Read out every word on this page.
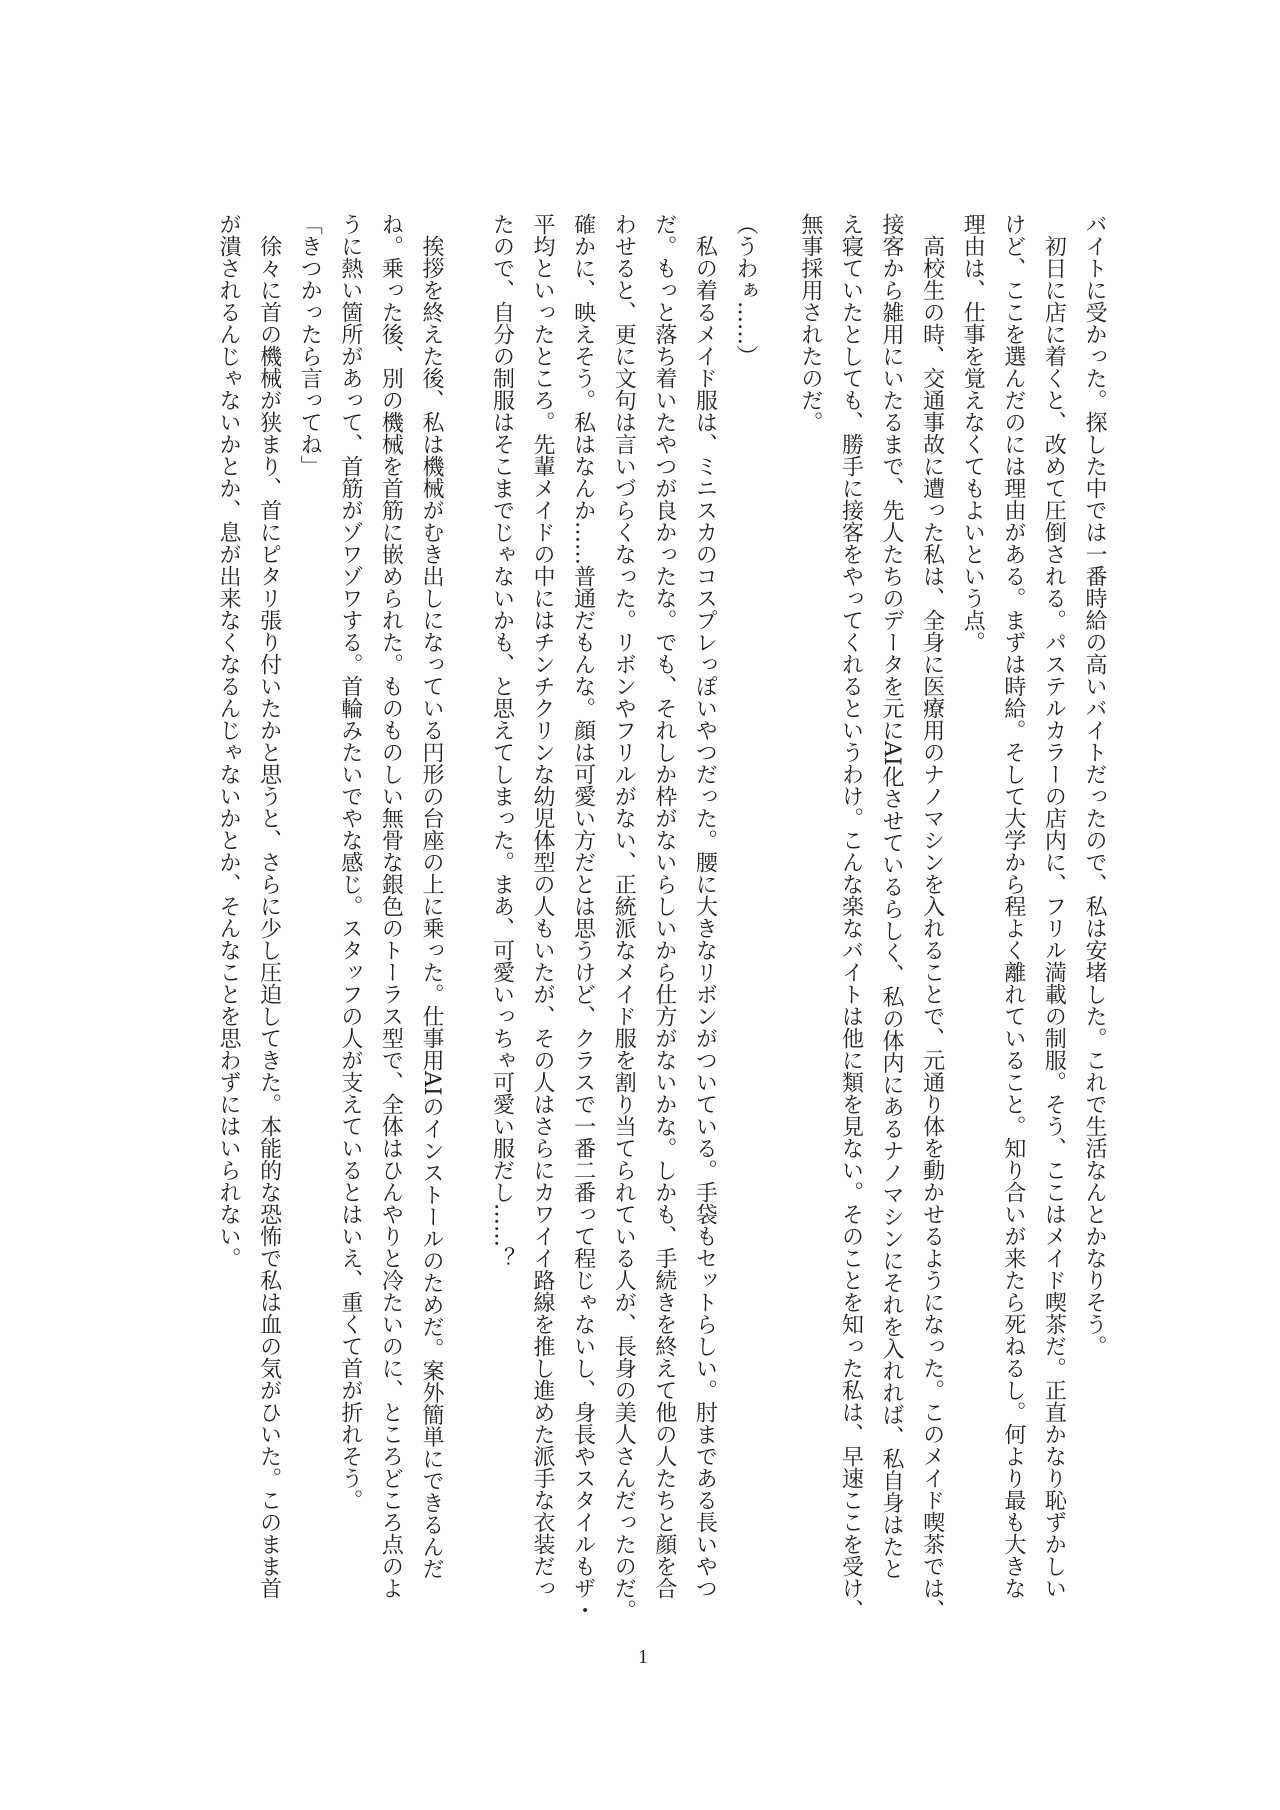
バイトに受かった。探した中では一番時給の高いバイトだったので、私は安堵した。これで生活なんとかなりそう。
　初日に店に着くと、改めて圧倒される。パステルカラーの店内に、フリル満載の制服。そう、ここはメイド喫茶だ。正直かなり恥ずかしい
けど、ここを選んだのには理由がある。まずは時給。そして大学から程よく離れていること。知り合いが来たら死ねるし。何より最も大きな
理由は、仕事を覚えなくてもよいという点。
　高校生の時、交通事故に遭った私は、全身に医療用のナノマシンを入れることで、元通り体を動かせるようになった。このメイド喫茶では、
接客から雑用にいたるまで、先人たちのデータを元にAI化させているらしく、私の体内にあるナノマシンにそれを入れれば、私自身はたと
え寝ていたとしても、勝手に接客をやってくれるというわけ。こんな楽なバイトは他に類を見ない。そのことを知った私は、早速ここを受け、
無事採用されたのだ。
（うわぁ……）
　私の着るメイド服は、ミニスカのコスプレっぽいやつだった。腰に大きなリボンがついている。手袋もセットらしい。肘まである長いやつ
だ。もっと落ち着いたやつが良かったな。でも、それしか枠がないらしいから仕方がないかな。しかも、手続きを終えて他の人たちと顔を合
わせると、更に文句は言いづらくなった。リボンやフリルがない、正統派なメイド服を割り当てられている人が、長身の美人さんだったのだ。
確かに、映えそう。私はなんか……普通だもんな。顔は可愛い方だとは思うけど、クラスで一番二番って程じゃないし、身長やスタイルもザ・
平均といったところ。先輩メイドの中にはチンチクリンな幼児体型の人もいたが、その人はさらにカワイイ路線を推し進めた派手な衣装だっ
たので、自分の制服はそこまでじゃないかも、と思えてしまった。まあ、可愛いっちゃ可愛い服だし……？
　挨拶を終えた後、私は機械がむき出しになっている円形の台座の上に乗った。仕事用AIのインストールのためだ。案外簡単にできるんだ
ね。乗った後、別の機械を首筋に嵌められた。ものものしい無骨な銀色のトーラス型で、全体はひんやりと冷たいのに、ところどころ点のよ
うに熱い箇所があって、首筋がゾワゾワする。首輪みたいでやな感じ。スタッフの人が支えているとはいえ、重くて首が折れそう。
「きつかったら言ってね」
　徐々に首の機械が狭まり、首にピタリ張り付いたかと思うと、さらに少し圧迫してきた。本能的な恐怖で私は血の気がひいた。このまま首
が潰されるんじゃないかとか、息が出来なくなるんじゃないかとか、そんなことを思わずにはいられない。
1
